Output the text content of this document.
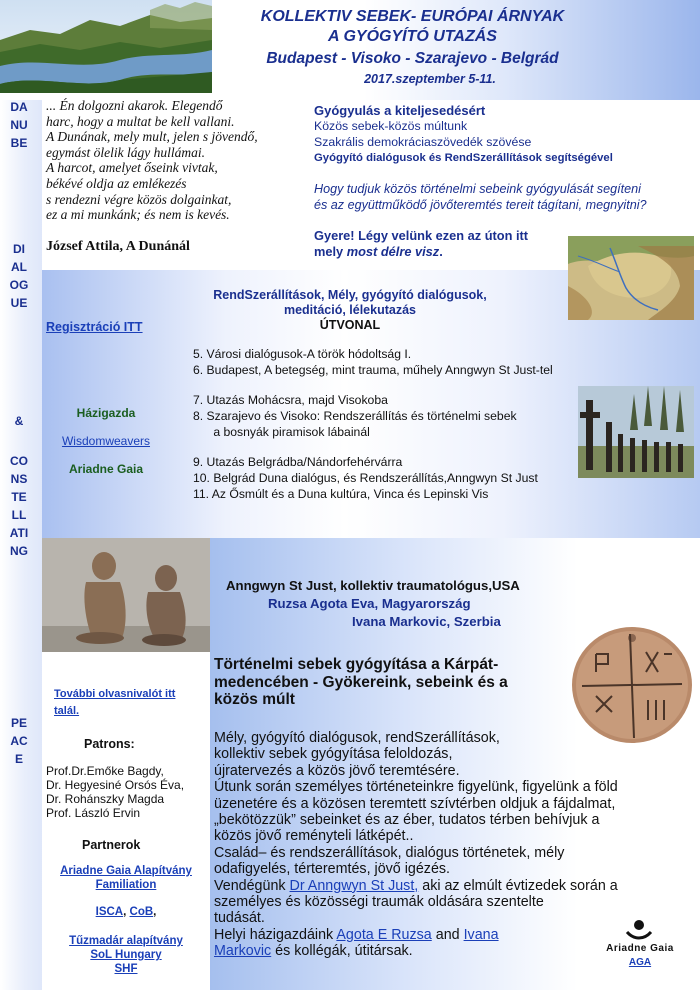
KOLLEKTIV SEBEK- EURÓPAI ÁRNYAK
A GYÓGYÍTÓ UTAZÁS
Budapest - Visoko - Szarajevo - Belgrád
2017.szeptember 5-11.
DANUBE
DIALOGUE
&
CONSTELLATING
PEACE
... Én dolgozni akarok. Elegendő
harc, hogy a multat be kell vallani.
A Dunának, mely mult, jelen s jövendő,
egymást ölelik lágy hullámai.
A harcot, amelyet őseink vivtak,
békévé oldja az emlékezés
s rendezni végre közös dolgainkat,
ez a mi munkánk; és nem is kevés.
József Attila, A Dunánál
Gyógyulás a kiteljesedésért
Közös sebek-közös múltunk
Szakrális demokráciaszövedék szövése
Gyógyító dialógusok és RendSzerállítások segítségével
Hogy tudjuk közös történelmi sebeink gyógyulását segíteni
és az együttműködő jövőteremtés tereit tágítani, megnyitni?
Gyere! Légy velünk ezen az úton itt
mely most délre visz.
RendSzerállítások, Mély, gyógyító dialógusok,
meditáció, lélekutazás
ÚTVONAL
Regisztráció ITT
5. Városi dialógusok-A török hódoltság I.
6. Budapest, A betegség, mint trauma, műhely Anngwyn St Just-tel
7. Utazás Mohácsra, majd Visokoba
8. Szarajevo és Visoko: Rendszerállítás és történelmi sebek
a bosnyák piramisok lábainál
9. Utazás Belgrádba/Nándorfehérvárra
10. Belgrád Duna dialógus, és Rendszerállítás,Anngwyn St Just
11. Az Ősmúlt és a Duna kultúra, Vinca és Lepinski Vis
Házigazda
Wisdomweavers
Ariadne Gaia
Anngwyn St Just, kollektiv traumatológus,USA
Ruzsa Agota Eva, Magyarország
Ivana Markovic, Szerbia
Történelmi sebek gyógyítása a Kárpát-
medencében - Gyökereink, sebeink és a
közös múlt
Mély, gyógyító dialógusok, rendSzerállítások,
kollektiv sebek gyógyítása feloldozás,
újratervezés a közös jövő teremtésére.
Útunk során személyes történeteinkre figyelünk, figyelünk a föld
üzenetére és a közösen teremtett szívtérben oldjuk a fájdalmat,
„bekötözzük” sebeinket és az éber, tudatos térben behívjuk a
közös jövő reményteli látképét..
Család– és rendszerállítások, dialógus történetek, mély
odafigyelés, térteremtés, jövő igézés.
Vendégünk Dr Anngwyn St Just, aki az elmúlt évtizedek során a
személyes és közösségi traumák oldására szentelte
tudását.
Helyi házigazdáink Agota E Ruzsa and Ivana
Markovic és kollégák, útitársak.
További olvasnivalót itt
talál.
Patrons:
Prof.Dr.Emőke Bagdy,
Dr. Hegyesiné Orsós Éva,
Dr. Rohánszky Magda
Prof. László Ervin
Partnerok
Ariadne Gaia Alapítvány
Familiation
ISCA, CoB,
Tűzmadár alapítvány
SoL Hungary
SHF
Ariadne Gaia
AGA
